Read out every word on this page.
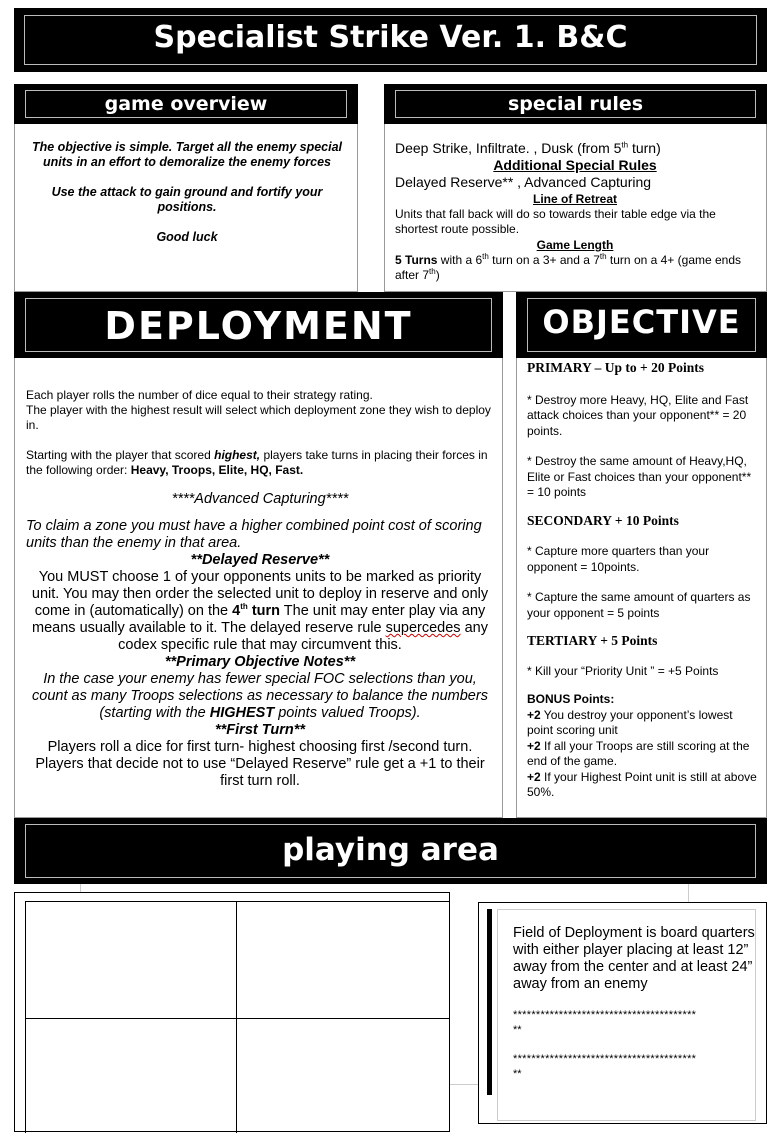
Specialist Strike Ver. 1. B&C
game overview

The objective is simple. Target all the enemy special units in an effort to demoralize the enemy forces

Use the attack to gain ground and fortify your positions.

Good luck

special rules

Deep Strike, Infiltrate. , Dusk (from 5th turn)

Additional Special Rules

Delayed Reserve** , Advanced Capturing

Line of Retreat

Units that fall back will do so towards their table edge via the shortest route possible.

Game Length

5 Turns with a 6th turn on a 3+ and a 7th turn on a 4+ (game ends after 7th)

DEPLOYMENT

Each player rolls the number of dice equal to their strategy rating.

The player with the highest result will select which deployment zone they wish to deploy in.

Starting with the player that scored highest, players take turns in placing their forces in the following order: Heavy, Troops, Elite, HQ, Fast.

****Advanced Capturing****

To claim a zone you must have a higher combined point cost of scoring units than the enemy in that area.

**Delayed Reserve**

You MUST choose 1 of your opponents units to be marked as priority unit. You may then order the selected unit to deploy in reserve and only come in (automatically) on the 4th turn The unit may enter play via any means usually available to it. The delayed reserve rule supercedes any codex specific rule that may circumvent this.

**Primary Objective Notes**

In the case your enemy has fewer special FOC selections than you, count as many Troops selections as necessary to balance the numbers (starting with the HIGHEST points valued Troops).

**First Turn**

Players roll a dice for first turn- highest choosing first /second turn. Players that decide not to use “Delayed Reserve” rule get a +1 to their first turn roll.

OBJECTIVE

PRIMARY – Up to + 20 Points

* Destroy more Heavy, HQ, Elite and Fast attack choices than your opponent** = 20 points.

* Destroy the same amount of Heavy,HQ, Elite or Fast choices than your opponent** = 10 points

SECONDARY + 10 Points

* Capture more quarters than your opponent = 10points.

* Capture the same amount of quarters as your opponent = 5 points

TERTIARY + 5 Points

* Kill your “Priority Unit ” = +5 Points

BONUS Points:

+2 You destroy your opponent’s lowest point scoring unit

+2 If all your Troops are still scoring at the end of the game.

+2 If your Highest Point unit is still at above 50%.

playing area

Field of Deployment is board quarters with either player placing at least 12” away from the center and at least 24” away from an enemy

****************************************

**

****************************************

**
